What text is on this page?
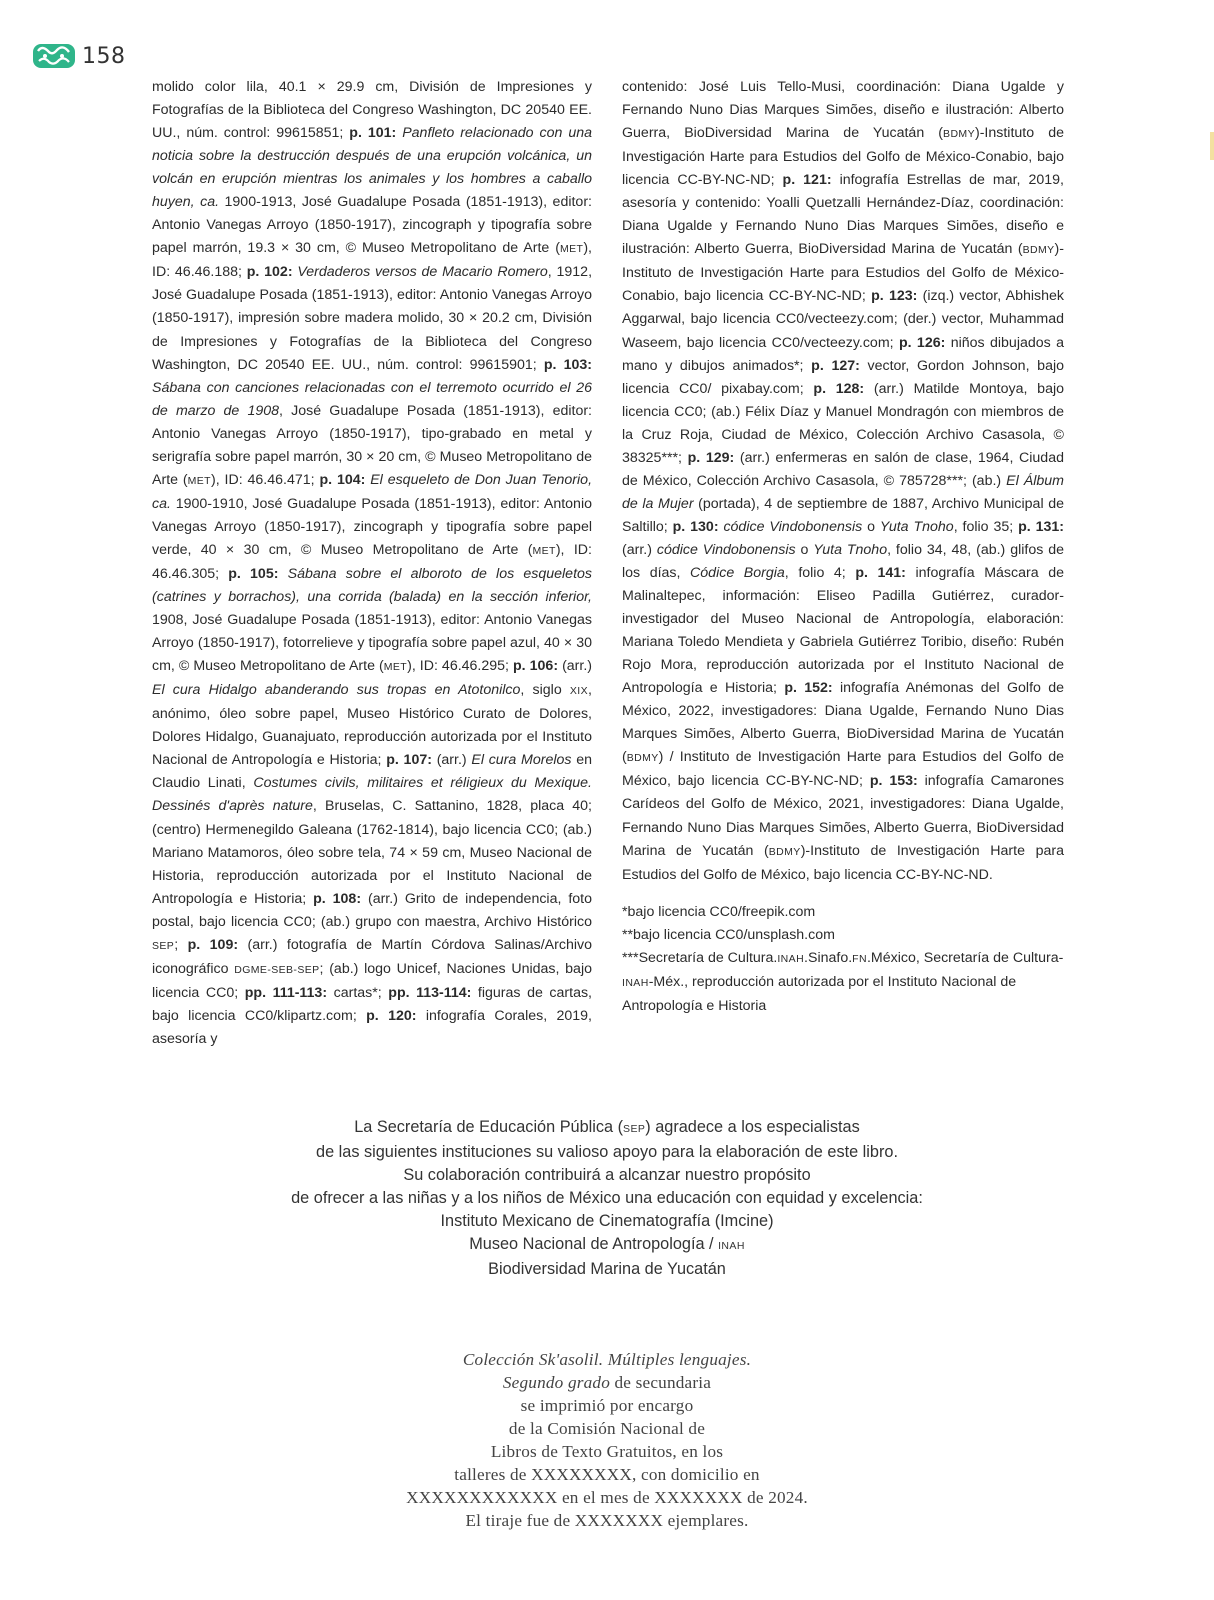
158

molido color lila, 40.1 × 29.9 cm, División de Impresiones y Fotografías de la Biblioteca del Congreso Washington, DC 20540 EE. UU., núm. control: 99615851; p. 101: Panfleto relacionado con una noticia sobre la destrucción después de una erupción volcánica, un volcán en erupción mientras los animales y los hombres a caballo huyen, ca. 1900-1913, José Guadalupe Posada (1851-1913), editor: Antonio Vanegas Arroyo (1850-1917), zincograph y tipografía sobre papel marrón, 19.3 × 30 cm, © Museo Metropolitano de Arte (MET), ID: 46.46.188; p. 102: Verdaderos versos de Macario Romero, 1912, José Guadalupe Posada (1851-1913), editor: Antonio Vanegas Arroyo (1850-1917), impresión sobre madera molido, 30 × 20.2 cm, División de Impresiones y Fotografías de la Biblioteca del Congreso Washington, DC 20540 EE. UU., núm. control: 99615901; p. 103: Sábana con canciones relacionadas con el terremoto ocurrido el 26 de marzo de 1908, José Guadalupe Posada (1851-1913), editor: Antonio Vanegas Arroyo (1850-1917), tipo-grabado en metal y serigrafía sobre papel marrón, 30 × 20 cm, © Museo Metropolitano de Arte (MET), ID: 46.46.471; p. 104: El esqueleto de Don Juan Tenorio, ca. 1900-1910, José Guadalupe Posada (1851-1913), editor: Antonio Vanegas Arroyo (1850-1917), zincograph y tipografía sobre papel verde, 40 × 30 cm, © Museo Metropolitano de Arte (MET), ID: 46.46.305; p. 105: Sábana sobre el alboroto de los esqueletos (catrines y borrachos), una corrida (balada) en la sección inferior, 1908, José Guadalupe Posada (1851-1913), editor: Antonio Vanegas Arroyo (1850-1917), fotorrelieve y tipografía sobre papel azul, 40 × 30 cm, © Museo Metropolitano de Arte (MET), ID: 46.46.295; p. 106: (arr.) El cura Hidalgo abanderando sus tropas en Atotonilco, siglo XIX, anónimo, óleo sobre papel, Museo Histórico Curato de Dolores, Dolores Hidalgo, Guanajuato, reproducción autorizada por el Instituto Nacional de Antropología e Historia; p. 107: (arr.) El cura Morelos en Claudio Linati, Costumes civils, militaires et réligieux du Mexique. Dessinés d'après nature, Bruselas, C. Sattanino, 1828, placa 40; (centro) Hermenegildo Galeana (1762-1814), bajo licencia CC0; (ab.) Mariano Matamoros, óleo sobre tela, 74 × 59 cm, Museo Nacional de Historia, reproducción autorizada por el Instituto Nacional de Antropología e Historia; p. 108: (arr.) Grito de independencia, foto postal, bajo licencia CC0; (ab.) grupo con maestra, Archivo Histórico SEP; p. 109: (arr.) fotografía de Martín Córdova Salinas/Archivo iconográfico DGME-SEB-SEP; (ab.) logo Unicef, Naciones Unidas, bajo licencia CC0; pp. 111-113: cartas*; pp. 113-114: figuras de cartas, bajo licencia CC0/klipartz.com; p. 120: infografía Corales, 2019, asesoría y

contenido: José Luis Tello-Musi, coordinación: Diana Ugalde y Fernando Nuno Dias Marques Simões, diseño e ilustración: Alberto Guerra, BioDiversidad Marina de Yucatán (BDMY)-Instituto de Investigación Harte para Estudios del Golfo de México-Conabio, bajo licencia CC-BY-NC-ND; p. 121: infografía Estrellas de mar, 2019, asesoría y contenido: Yoalli Quetzalli Hernández-Díaz, coordinación: Diana Ugalde y Fernando Nuno Dias Marques Simões, diseño e ilustración: Alberto Guerra, BioDiversidad Marina de Yucatán (BDMY)-Instituto de Investigación Harte para Estudios del Golfo de México-Conabio, bajo licencia CC-BY-NC-ND; p. 123: (izq.) vector, Abhishek Aggarwal, bajo licencia CC0/vecteezy.com; (der.) vector, Muhammad Waseem, bajo licencia CC0/vecteezy.com; p. 126: niños dibujados a mano y dibujos animados*; p. 127: vector, Gordon Johnson, bajo licencia CC0/ pixabay.com; p. 128: (arr.) Matilde Montoya, bajo licencia CC0; (ab.) Félix Díaz y Manuel Mondragón con miembros de la Cruz Roja, Ciudad de México, Colección Archivo Casasola, © 38325***; p. 129: (arr.) enfermeras en salón de clase, 1964, Ciudad de México, Colección Archivo Casasola, © 785728***; (ab.) El Álbum de la Mujer (portada), 4 de septiembre de 1887, Archivo Municipal de Saltillo; p. 130: códice Vindobonensis o Yuta Tnoho, folio 35; p. 131: (arr.) códice Vindobonensis o Yuta Tnoho, folio 34, 48, (ab.) glifos de los días, Códice Borgia, folio 4; p. 141: infografía Máscara de Malinaltepec, información: Eliseo Padilla Gutiérrez, curador-investigador del Museo Nacional de Antropología, elaboración: Mariana Toledo Mendieta y Gabriela Gutiérrez Toribio, diseño: Rubén Rojo Mora, reproducción autorizada por el Instituto Nacional de Antropología e Historia; p. 152: infografía Anémonas del Golfo de México, 2022, investigadores: Diana Ugalde, Fernando Nuno Dias Marques Simões, Alberto Guerra, BioDiversidad Marina de Yucatán (BDMY) / Instituto de Investigación Harte para Estudios del Golfo de México, bajo licencia CC-BY-NC-ND; p. 153: infografía Camarones Carídeos del Golfo de México, 2021, investigadores: Diana Ugalde, Fernando Nuno Dias Marques Simões, Alberto Guerra, BioDiversidad Marina de Yucatán (BDMY)-Instituto de Investigación Harte para Estudios del Golfo de México, bajo licencia CC-BY-NC-ND.

*bajo licencia CC0/freepik.com
**bajo licencia CC0/unsplash.com
***Secretaría de Cultura.INAH.Sinafo.FN.México, Secretaría de Cultura-INAH-Méx., reproducción autorizada por el Instituto Nacional de Antropología e Historia
La Secretaría de Educación Pública (SEP) agradece a los especialistas
de las siguientes instituciones su valioso apoyo para la elaboración de este libro.
Su colaboración contribuirá a alcanzar nuestro propósito
de ofrecer a las niñas y a los niños de México una educación con equidad y excelencia:
Instituto Mexicano de Cinematografía (Imcine)
Museo Nacional de Antropología / INAH
Biodiversidad Marina de Yucatán
Colección Sk'asolil. Múltiples lenguajes.
Segundo grado de secundaria
se imprimió por encargo
de la Comisión Nacional de
Libros de Texto Gratuitos, en los
talleres de XXXXXXXX, con domicilio en
XXXXXXXXXXXX en el mes de XXXXXXX de 2024.
El tiraje fue de XXXXXXX ejemplares.
